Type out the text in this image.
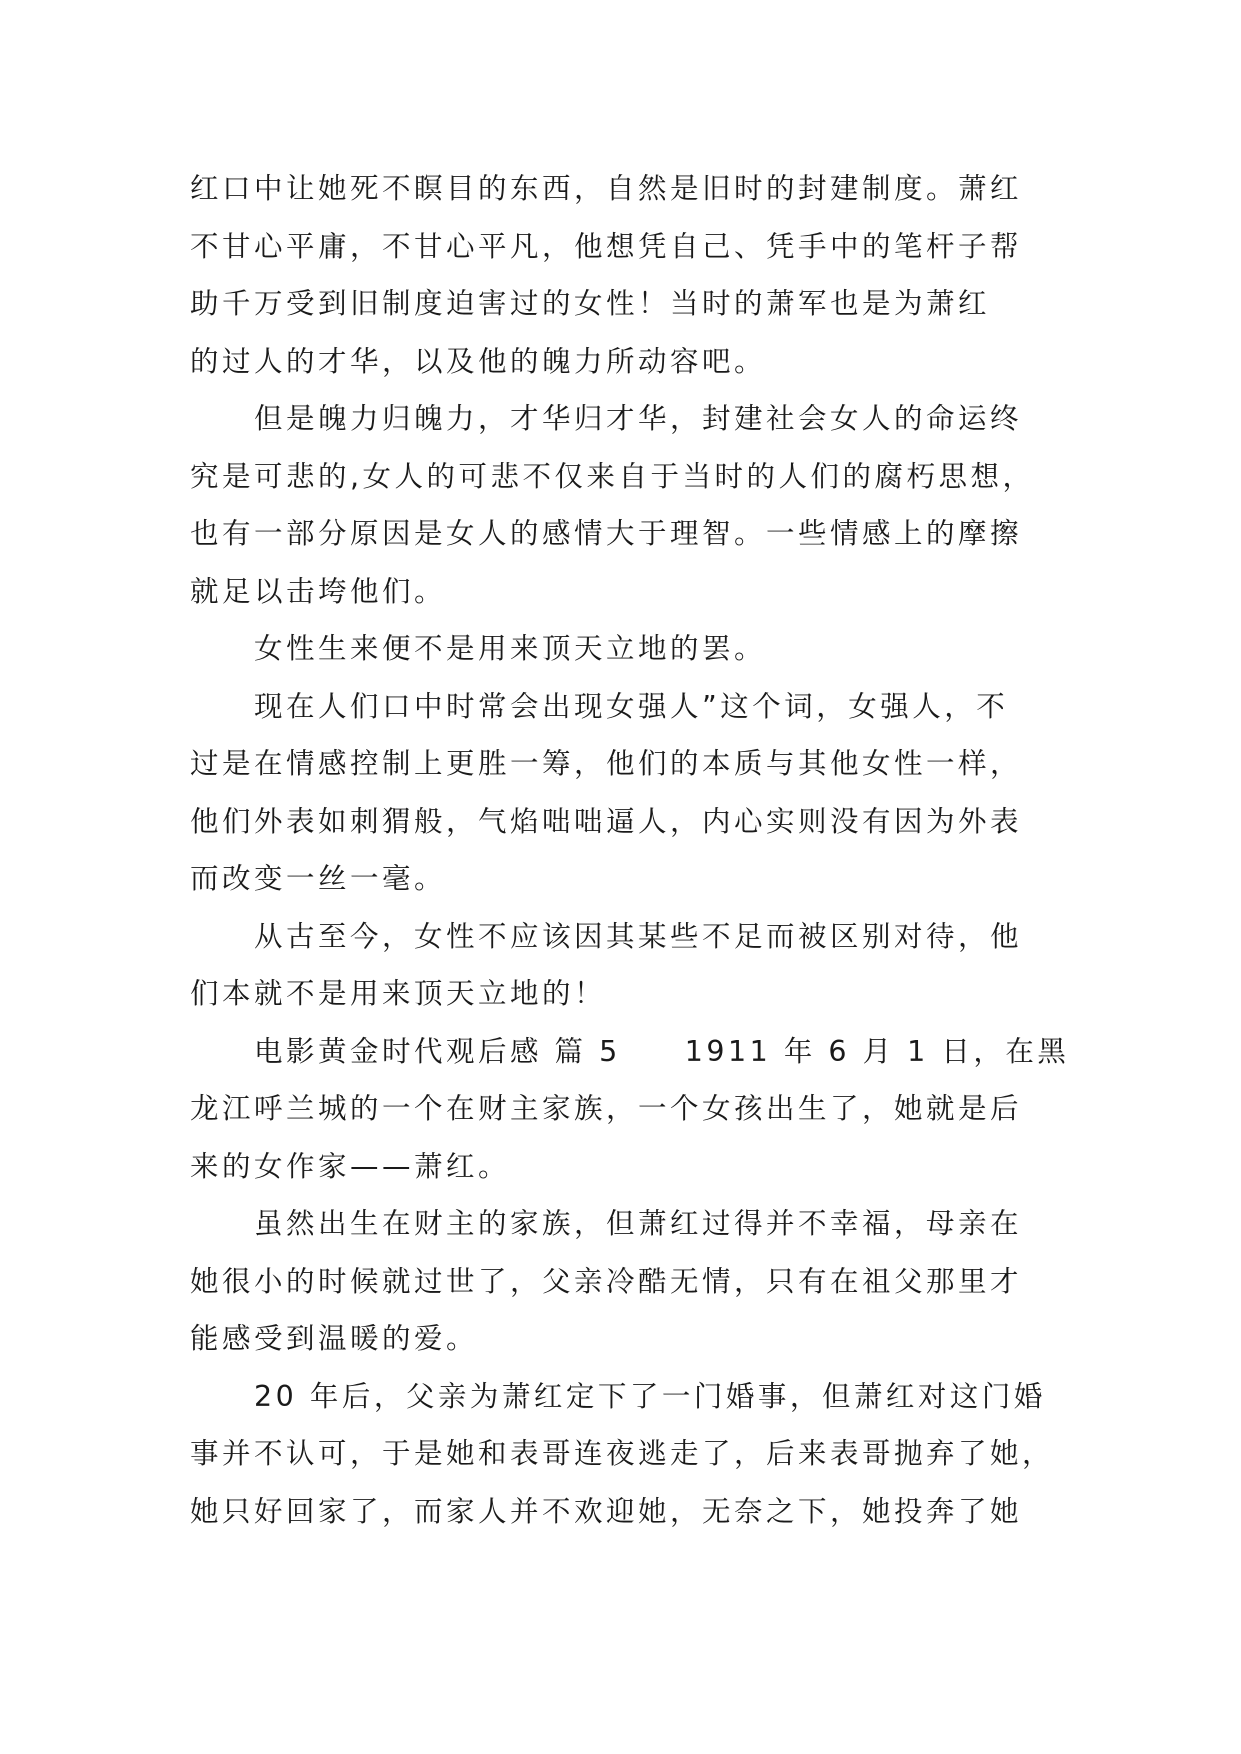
红口中让她死不瞑目的东西，自然是旧时的封建制度。萧红
不甘心平庸，不甘心平凡，他想凭自己、凭手中的笔杆子帮
助千万受到旧制度迫害过的女性！当时的萧军也是为萧红
的过人的才华，以及他的魄力所动容吧。
　　但是魄力归魄力，才华归才华，封建社会女人的命运终
究是可悲的,女人的可悲不仅来自于当时的人们的腐朽思想，
也有一部分原因是女人的感情大于理智。一些情感上的摩擦
就足以击垮他们。
　　女性生来便不是用来顶天立地的罢。
　　现在人们口中时常会出现女强人”这个词，女强人，不
过是在情感控制上更胜一筹，他们的本质与其他女性一样，
他们外表如刺猬般，气焰咄咄逼人，内心实则没有因为外表
而改变一丝一毫。
　　从古至今，女性不应该因其某些不足而被区别对待，他
们本就不是用来顶天立地的！
　　电影黄金时代观后感 篇 5　　1911 年 6 月 1 日，在黑
龙江呼兰城的一个在财主家族，一个女孩出生了，她就是后
来的女作家——萧红。
　　虽然出生在财主的家族，但萧红过得并不幸福，母亲在
她很小的时候就过世了，父亲冷酷无情，只有在祖父那里才
能感受到温暖的爱。
　　20 年后，父亲为萧红定下了一门婚事，但萧红对这门婚
事并不认可，于是她和表哥连夜逃走了，后来表哥抛弃了她，
她只好回家了，而家人并不欢迎她，无奈之下，她投奔了她
